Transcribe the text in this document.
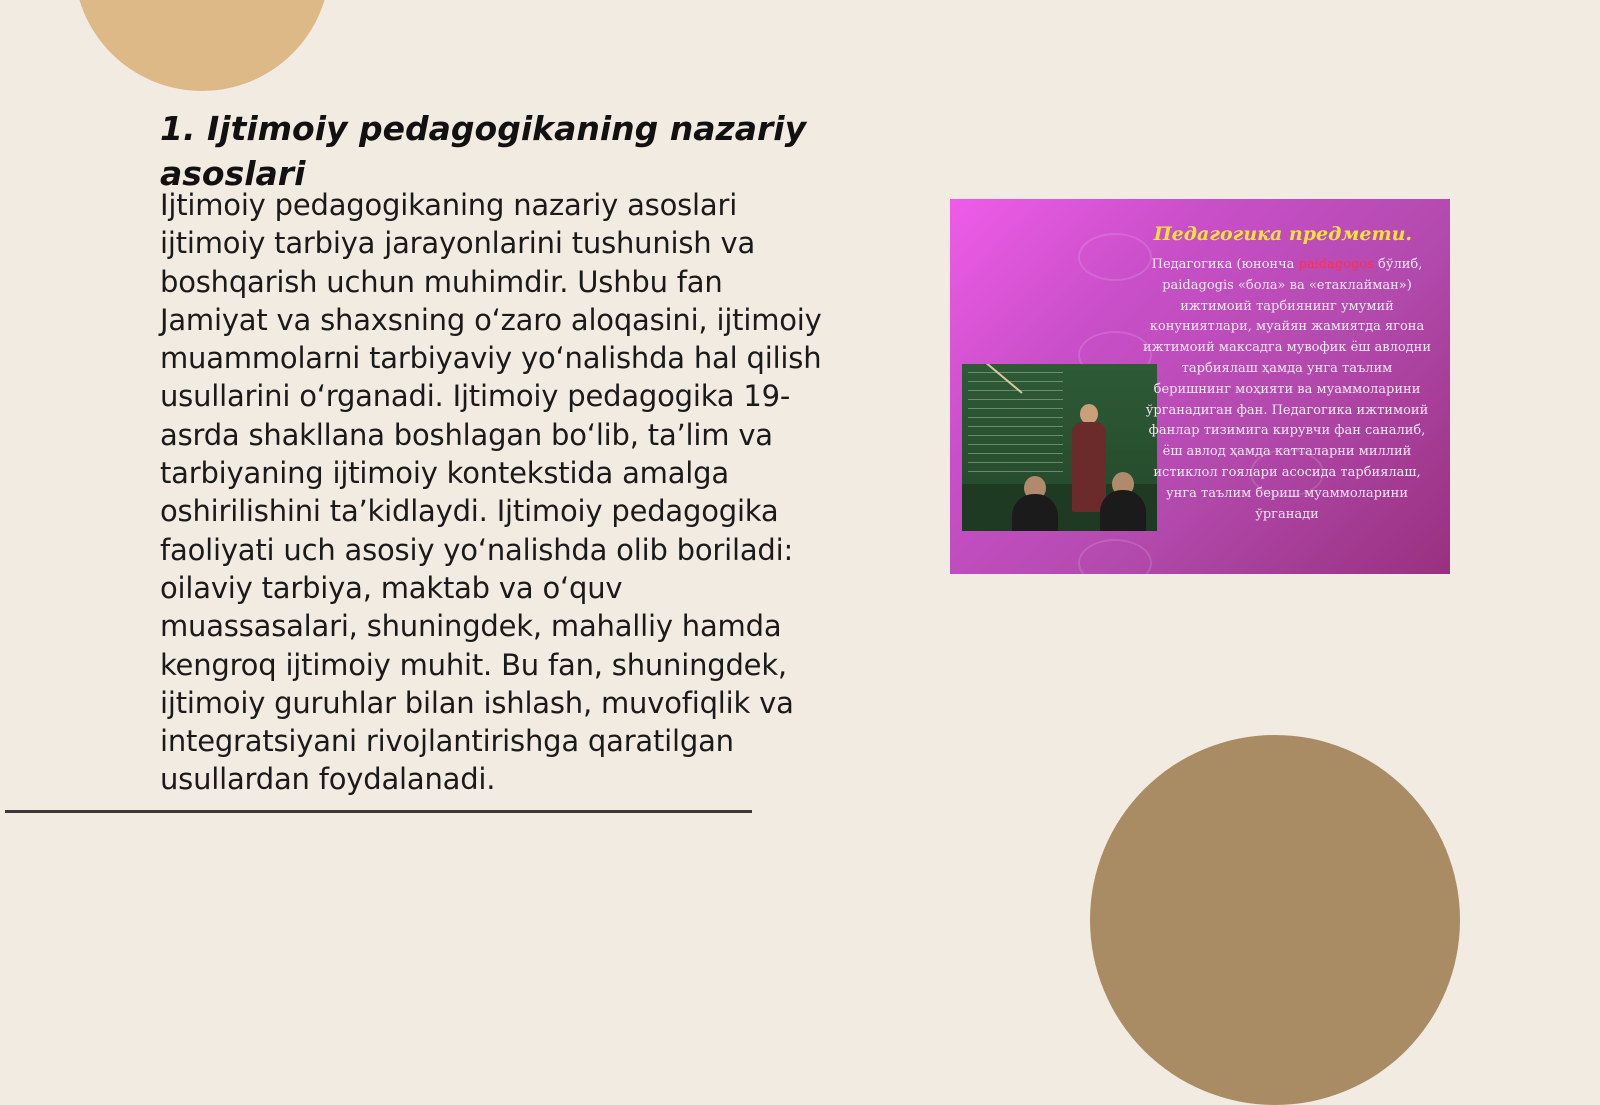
1. Ijtimoiy pedagogikaning nazariy asoslari

Ijtimoiy pedagogikaning nazariy asoslari ijtimoiy tarbiya jarayonlarini tushunish va boshqarish uchun muhimdir. Ushbu fan Jamiyat va shaxsning oʻzaro aloqasini, ijtimoiy muammolarni tarbiyaviy yoʻnalishda hal qilish usullarini oʻrganadi. Ijtimoiy pedagogika 19-asrda shakllana boshlagan boʻlib, taʼlim va tarbiyaning ijtimoiy kontekstida amalga oshirilishini taʼkidlaydi. Ijtimoiy pedagogika faoliyati uch asosiy yoʻnalishda olib boriladi: oilaviy tarbiya, maktab va oʻquv muassasalari, shuningdek, mahalliy hamda kengroq ijtimoiy muhit. Bu fan, shuningdek, ijtimoiy guruhlar bilan ishlash, muvofiqlik va integratsiyani rivojlantirishga qaratilgan usullardan foydalanadi.

Педагогика предмети.

Педагогика (юнонча paidagogos бўлиб, paidagogis «бола» ва «етаклайман») ижтимоий тарбиянинг умумий конуниятлари, муайян жамиятда ягона ижтимоий максадга мувофик ёш авлодни тарбиялаш ҳамда унга таълим беришнинг моҳияти ва муаммоларини ўрганадиган фан. Педагогика ижтимоий фанлар тизимига кирувчи фан саналиб, ёш авлод ҳамда катталарни миллий истиклол гоялари асосида тарбиялаш, унга таълим бериш муаммоларини ўрганади
